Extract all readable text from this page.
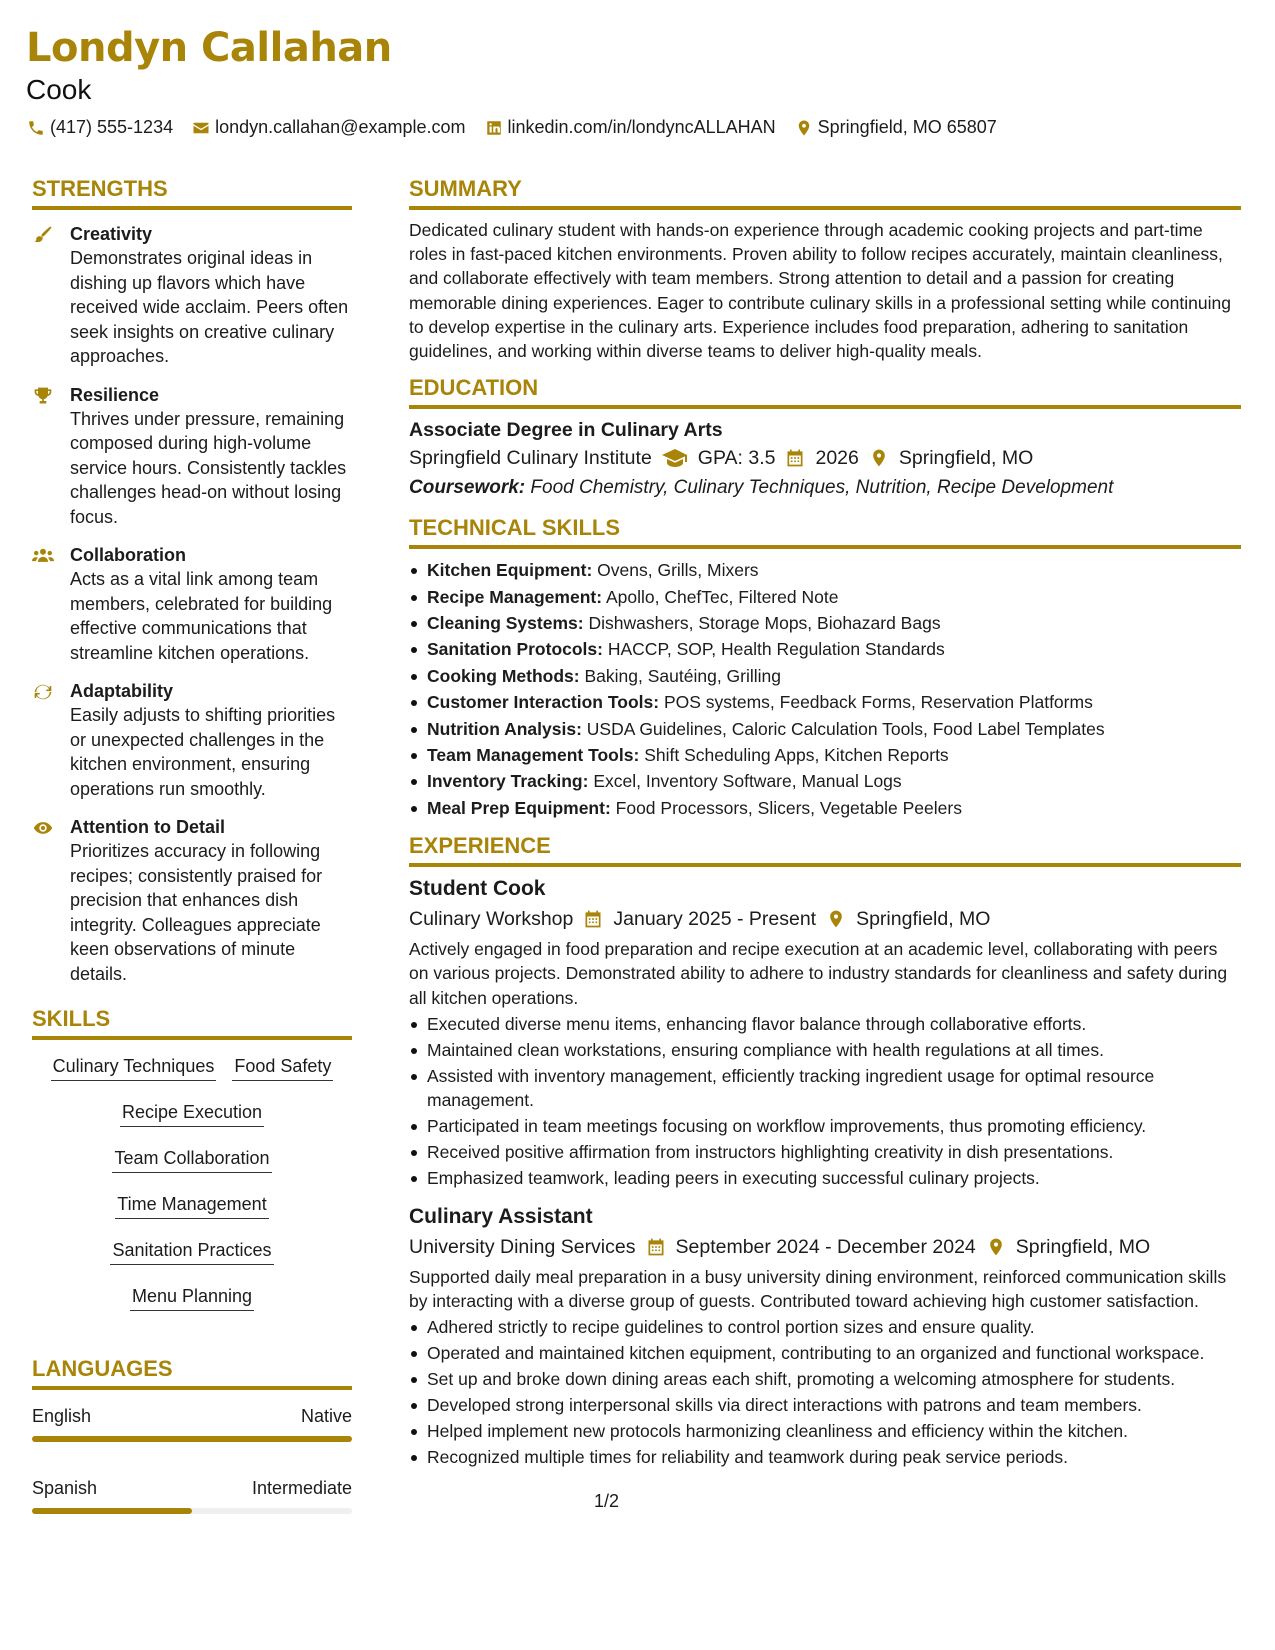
Londyn Callahan
Cook
(417) 555-1234 londyn.callahan@example.com linkedin.com/in/londyncALLAHAN Springfield, MO 65807
STRENGTHS
Creativity
Demonstrates original ideas in dishing up flavors which have received wide acclaim. Peers often seek insights on creative culinary approaches.
Resilience
Thrives under pressure, remaining composed during high-volume service hours. Consistently tackles challenges head-on without losing focus.
Collaboration
Acts as a vital link among team members, celebrated for building effective communications that streamline kitchen operations.
Adaptability
Easily adjusts to shifting priorities or unexpected challenges in the kitchen environment, ensuring operations run smoothly.
Attention to Detail
Prioritizes accuracy in following recipes; consistently praised for precision that enhances dish integrity. Colleagues appreciate keen observations of minute details.
SKILLS
Culinary Techniques Food Safety
Recipe Execution
Team Collaboration
Time Management
Sanitation Practices
Menu Planning
LANGUAGES
English	Native
Spanish	Intermediate
SUMMARY
Dedicated culinary student with hands-on experience through academic cooking projects and part-time roles in fast-paced kitchen environments. Proven ability to follow recipes accurately, maintain cleanliness, and collaborate effectively with team members. Strong attention to detail and a passion for creating memorable dining experiences. Eager to contribute culinary skills in a professional setting while continuing to develop expertise in the culinary arts. Experience includes food preparation, adhering to sanitation guidelines, and working within diverse teams to deliver high-quality meals.
EDUCATION
Associate Degree in Culinary Arts
Springfield Culinary Institute GPA: 3.5 2026 Springfield, MO
Coursework: Food Chemistry, Culinary Techniques, Nutrition, Recipe Development
TECHNICAL SKILLS
Kitchen Equipment: Ovens, Grills, Mixers
Recipe Management: Apollo, ChefTec, Filtered Note
Cleaning Systems: Dishwashers, Storage Mops, Biohazard Bags
Sanitation Protocols: HACCP, SOP, Health Regulation Standards
Cooking Methods: Baking, Sautéing, Grilling
Customer Interaction Tools: POS systems, Feedback Forms, Reservation Platforms
Nutrition Analysis: USDA Guidelines, Caloric Calculation Tools, Food Label Templates
Team Management Tools: Shift Scheduling Apps, Kitchen Reports
Inventory Tracking: Excel, Inventory Software, Manual Logs
Meal Prep Equipment: Food Processors, Slicers, Vegetable Peelers
EXPERIENCE
Student Cook
Culinary Workshop January 2025 - Present Springfield, MO
Actively engaged in food preparation and recipe execution at an academic level, collaborating with peers on various projects. Demonstrated ability to adhere to industry standards for cleanliness and safety during all kitchen operations.
Executed diverse menu items, enhancing flavor balance through collaborative efforts.
Maintained clean workstations, ensuring compliance with health regulations at all times.
Assisted with inventory management, efficiently tracking ingredient usage for optimal resource management.
Participated in team meetings focusing on workflow improvements, thus promoting efficiency.
Received positive affirmation from instructors highlighting creativity in dish presentations.
Emphasized teamwork, leading peers in executing successful culinary projects.
Culinary Assistant
University Dining Services September 2024 - December 2024 Springfield, MO
Supported daily meal preparation in a busy university dining environment, reinforced communication skills by interacting with a diverse group of guests. Contributed toward achieving high customer satisfaction.
Adhered strictly to recipe guidelines to control portion sizes and ensure quality.
Operated and maintained kitchen equipment, contributing to an organized and functional workspace.
Set up and broke down dining areas each shift, promoting a welcoming atmosphere for students.
Developed strong interpersonal skills via direct interactions with patrons and team members.
Helped implement new protocols harmonizing cleanliness and efficiency within the kitchen.
Recognized multiple times for reliability and teamwork during peak service periods.
1/2
